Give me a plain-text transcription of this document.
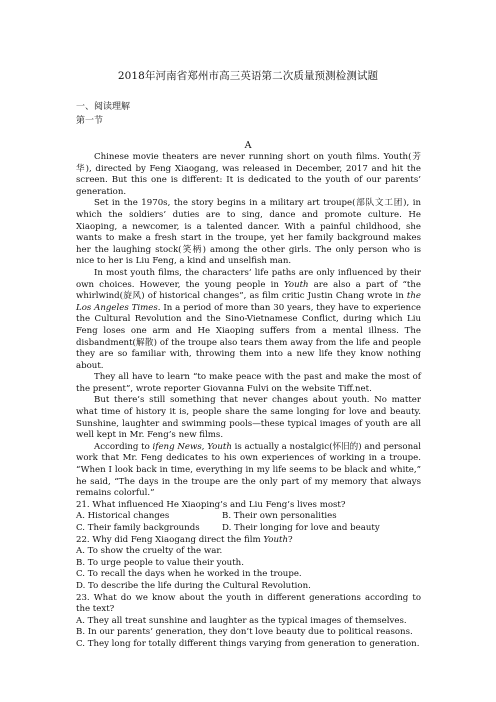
2018年河南省郑州市高三英语第二次质量预测检测试题
一、阅读理解
第一节
A

Chinese movie theaters are never running short on youth films. Youth(芳华), directed by Feng Xiaogang, was released in December, 2017 and hit the screen. But this one is different: It is dedicated to the youth of our parents’ generation.

Set in the 1970s, the story begins in a military art troupe(部队文工团), in which the soldiers’ duties are to sing, dance and promote culture. He Xiaoping, a newcomer, is a talented dancer. With a painful childhood, she wants to make a fresh start in the troupe, yet her family background makes her the laughing stock(笑柄) among the other girls. The only person who is nice to her is Liu Feng, a kind and unselfish man.

In most youth films, the characters’ life paths are only influenced by their own choices. However, the young people in Youth are also a part of “the whirlwind(旋风) of historical changes”, as film critic Justin Chang wrote in the Los Angeles Times. In a period of more than 30 years, they have to experience the Cultural Revolution and the Sino-Vietnamese Conflict, during which Liu Feng loses one arm and He Xiaoping suffers from a mental illness. The disbandment(解散) of the troupe also tears them away from the life and people they are so familiar with, throwing them into a new life they know nothing about.

They all have to learn “to make peace with the past and make the most of the present”, wrote reporter Giovanna Fulvi on the website Tiff.net.

But there’s still something that never changes about youth. No matter what time of history it is, people share the same longing for love and beauty. Sunshine, laughter and swimming pools—these typical images of youth are all well kept in Mr. Feng’s new films.

According to ifeng News, Youth is actually a nostalgic(怀旧的) and personal work that Mr. Feng dedicates to his own experiences of working in a troupe. “When I look back in time, everything in my life seems to be black and white,” he said, “The days in the troupe are the only part of my memory that always remains colorful.”

21. What influenced He Xiaoping’s and Liu Feng’s lives most?
A. Historical changes	B. Their own personalities
C. Their family backgrounds	D. Their longing for love and beauty
22. Why did Feng Xiaogang direct the film Youth?
A. To show the cruelty of the war.
B. To urge people to value their youth.
C. To recall the days when he worked in the troupe.
D. To describe the life during the Cultural Revolution.
23. What do we know about the youth in different generations according to the text?
A. They all treat sunshine and laughter as the typical images of themselves.
B. In our parents’ generation, they don’t love beauty due to political reasons.
C. They long for totally different things varying from generation to generation.
